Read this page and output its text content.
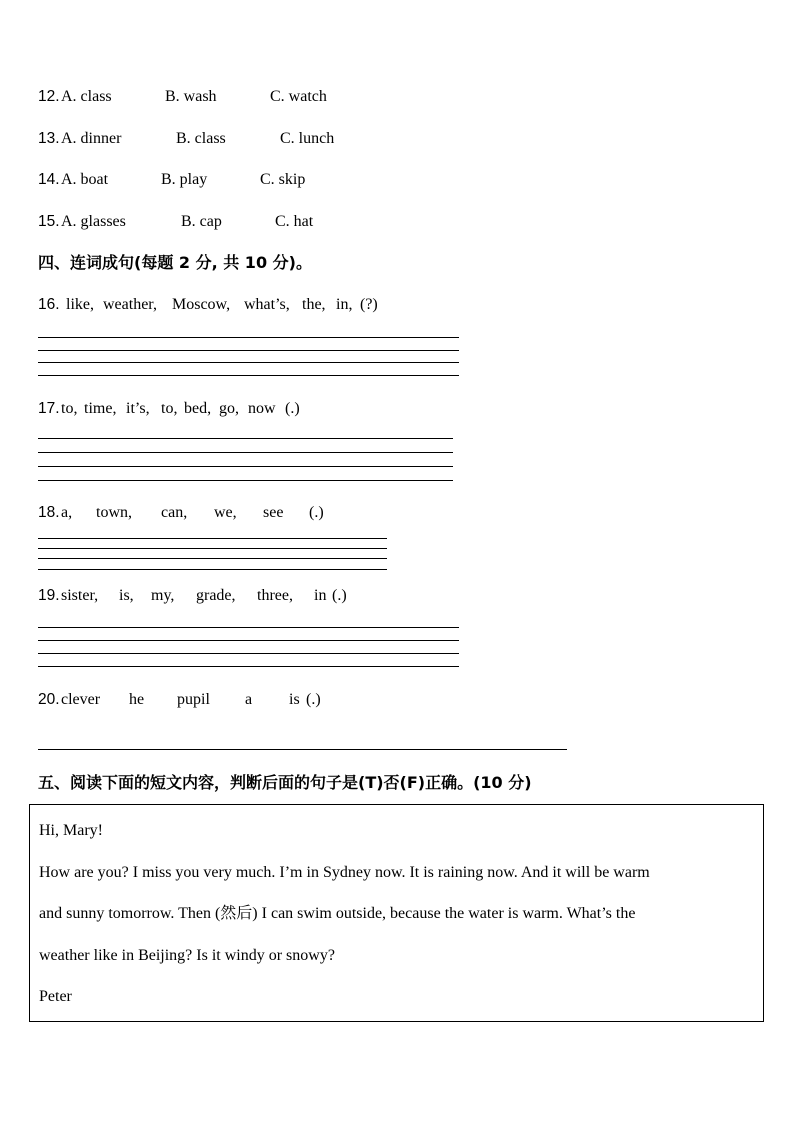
12. A. class	B. wash	C. watch
13. A. dinner	B. class	C. lunch
14. A. boat	B. play	C. skip
15. A. glasses	B. cap	C. hat
四、连词成句(每题 2 分, 共 10 分)。
16. like, weather, Moscow, what’s, the, in, (?)
17. to, time, it’s, to, bed, go, now (.)
18. a, town, can, we, see (.)
19. sister, is, my, grade, three, in (.)
20. clever he pupil a is (.)
五、阅读下面的短文内容，判断后面的句子是(T)否(F)正确。(10 分)
Hi, Mary!
How are you? I miss you very much. I’m in Sydney now. It is raining now. And it will be warm
and sunny tomorrow. Then (然后) I can swim outside, because the water is warm. What’s the
weather like in Beijing? Is it windy or snowy?
Peter
